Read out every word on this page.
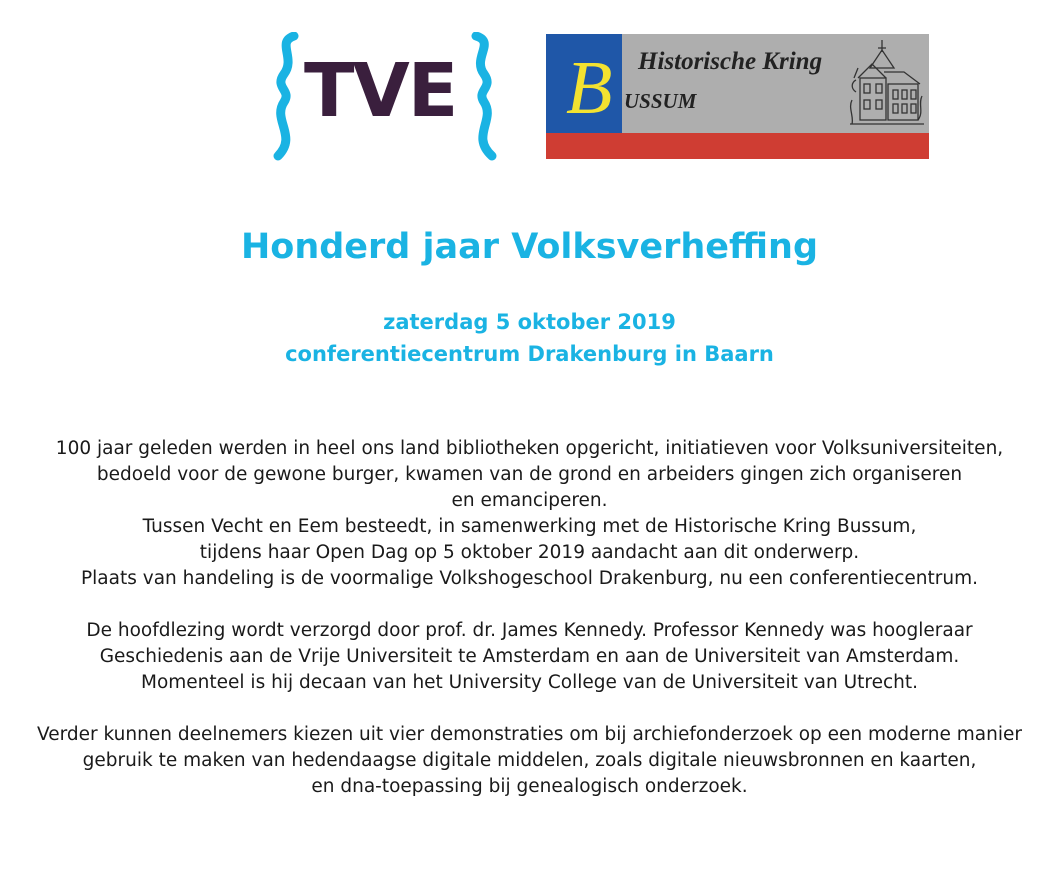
TVE B Historische Kring
USSUM
Honderd jaar Volksverheffing
zaterdag 5 oktober 2019
conferentiecentrum Drakenburg in Baarn
100 jaar geleden werden in heel ons land bibliotheken opgericht, initiatieven voor Volksuniversiteiten,
bedoeld voor de gewone burger, kwamen van de grond en arbeiders gingen zich organiseren
en emanciperen.
Tussen Vecht en Eem besteedt, in samenwerking met de Historische Kring Bussum,
tijdens haar Open Dag op 5 oktober 2019 aandacht aan dit onderwerp.
Plaats van handeling is de voormalige Volkshogeschool Drakenburg, nu een conferentiecentrum.
De hoofdlezing wordt verzorgd door prof. dr. James Kennedy. Professor Kennedy was hoogleraar
Geschiedenis aan de Vrije Universiteit te Amsterdam en aan de Universiteit van Amsterdam.
Momenteel is hij decaan van het University College van de Universiteit van Utrecht.
Verder kunnen deelnemers kiezen uit vier demonstraties om bij archiefonderzoek op een moderne manier
gebruik te maken van hedendaagse digitale middelen, zoals digitale nieuwsbronnen en kaarten,
en dna-toepassing bij genealogisch onderzoek.
